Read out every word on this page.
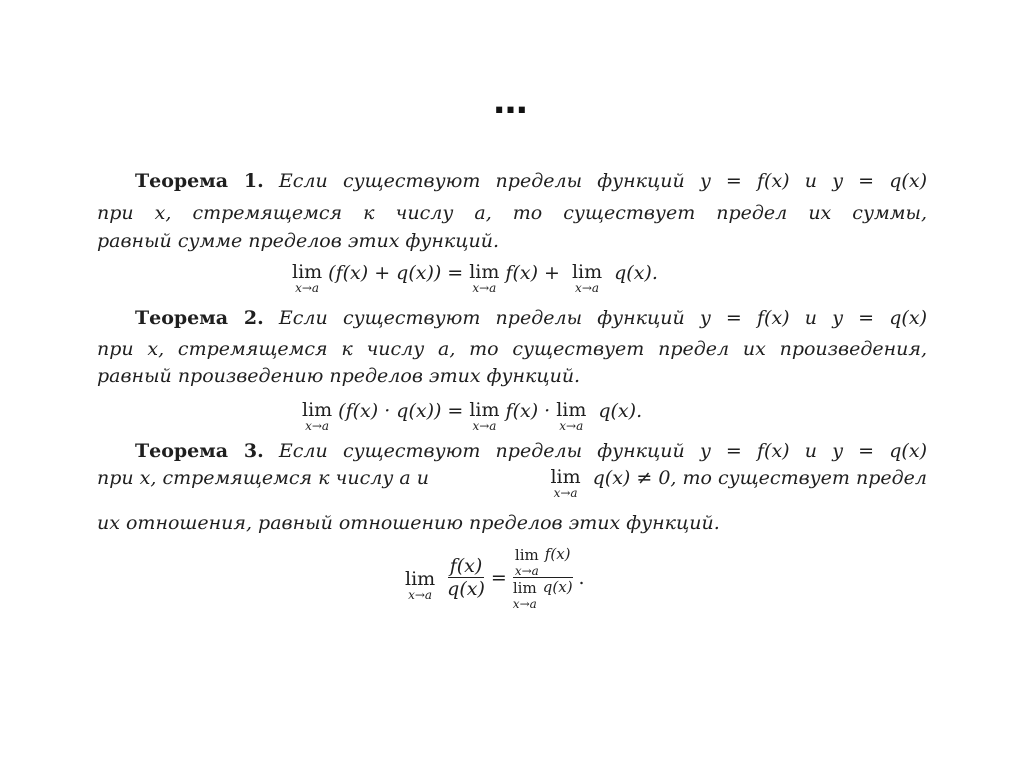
…
Теорема 1. Если существуют пределы функций y = f(x) и y = q(x)
при x, стремящемся к числу a, то существует предел их суммы,
равный сумме пределов этих функций.
lim
x→a
(f(x) + q(x)) = lim
x→a
f(x) + lim
x→a
q(x).
Теорема 2. Если существуют пределы функций y = f(x) и y = q(x)
при x, стремящемся к числу a, то существует предел их произведения,
равный произведению пределов этих функций.
lim
x→a
(f(x) · q(x)) = lim
x→a
f(x) · lim
x→a
q(x).
Теорема 3. Если существуют пределы функций y = f(x) и y = q(x)
при x, стремящемся к числу a и	lim
x→a
q(x) ≠ 0, то существует предел
их отношения, равный отношению пределов этих функций.
lim
$x\to a \frac{f(x)}{q(x)} = \lim$
x→a
f(x)
lim
x→a
q(x) .
